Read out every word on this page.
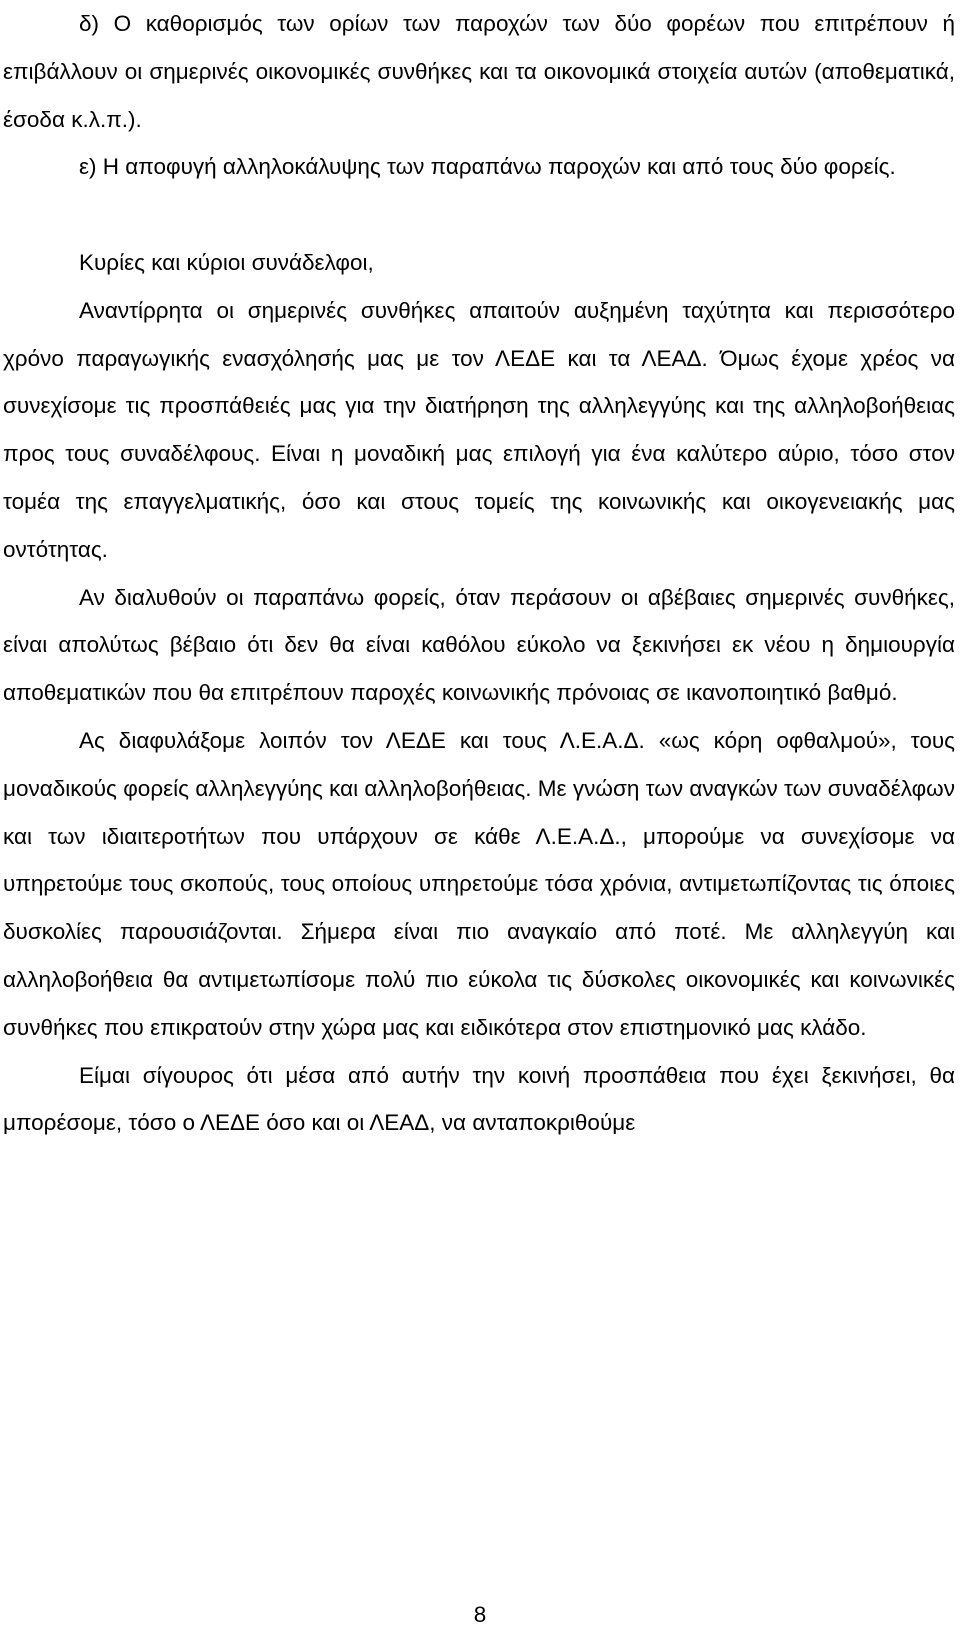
δ) Ο καθορισμός των ορίων των παροχών των δύο φορέων που επιτρέπουν ή επιβάλλουν οι σημερινές οικονομικές συνθήκες και τα οικονομικά στοιχεία αυτών (αποθεματικά, έσοδα κ.λ.π.).

ε) Η αποφυγή αλληλοκάλυψης των παραπάνω παροχών και από τους δύο φορείς.

Κυρίες και κύριοι συνάδελφοι,

Αναντίρρητα οι σημερινές συνθήκες απαιτούν αυξημένη ταχύτητα και περισσότερο χρόνο παραγωγικής ενασχόλησής μας με τον ΛΕΔΕ και τα ΛΕΑΔ. Όμως έχομε χρέος να συνεχίσομε τις προσπάθειές μας για την διατήρηση της αλληλεγγύης και της αλληλοβοήθειας προς τους συναδέλφους. Είναι η μοναδική μας επιλογή για ένα καλύτερο αύριο, τόσο στον τομέα της επαγγελματικής, όσο και στους τομείς της κοινωνικής και οικογενειακής μας οντότητας.

Αν διαλυθούν οι παραπάνω φορείς, όταν περάσουν οι αβέβαιες σημερινές συνθήκες, είναι απολύτως βέβαιο ότι δεν θα είναι καθόλου εύκολο να ξεκινήσει εκ νέου η δημιουργία αποθεματικών που θα επιτρέπουν παροχές κοινωνικής πρόνοιας σε ικανοποιητικό βαθμό.

Ας διαφυλάξομε λοιπόν τον ΛΕΔΕ και τους Λ.Ε.Α.Δ. «ως κόρη οφθαλμού», τους μοναδικούς φορείς αλληλεγγύης και αλληλοβοήθειας. Με γνώση των αναγκών των συναδέλφων και των ιδιαιτεροτήτων που υπάρχουν σε κάθε Λ.Ε.Α.Δ., μπορούμε να συνεχίσομε να υπηρετούμε τους σκοπούς, τους οποίους υπηρετούμε τόσα χρόνια, αντιμετωπίζοντας τις όποιες δυσκολίες παρουσιάζονται. Σήμερα είναι πιο αναγκαίο από ποτέ. Με αλληλεγγύη και αλληλοβοήθεια θα αντιμετωπίσομε πολύ πιο εύκολα τις δύσκολες οικονομικές και κοινωνικές συνθήκες που επικρατούν στην χώρα μας και ειδικότερα στον επιστημονικό μας κλάδο.

Είμαι σίγουρος ότι μέσα από αυτήν την κοινή προσπάθεια που έχει ξεκινήσει, θα μπορέσομε, τόσο ο ΛΕΔΕ όσο και οι ΛΕΑΔ, να ανταποκριθούμε

8
